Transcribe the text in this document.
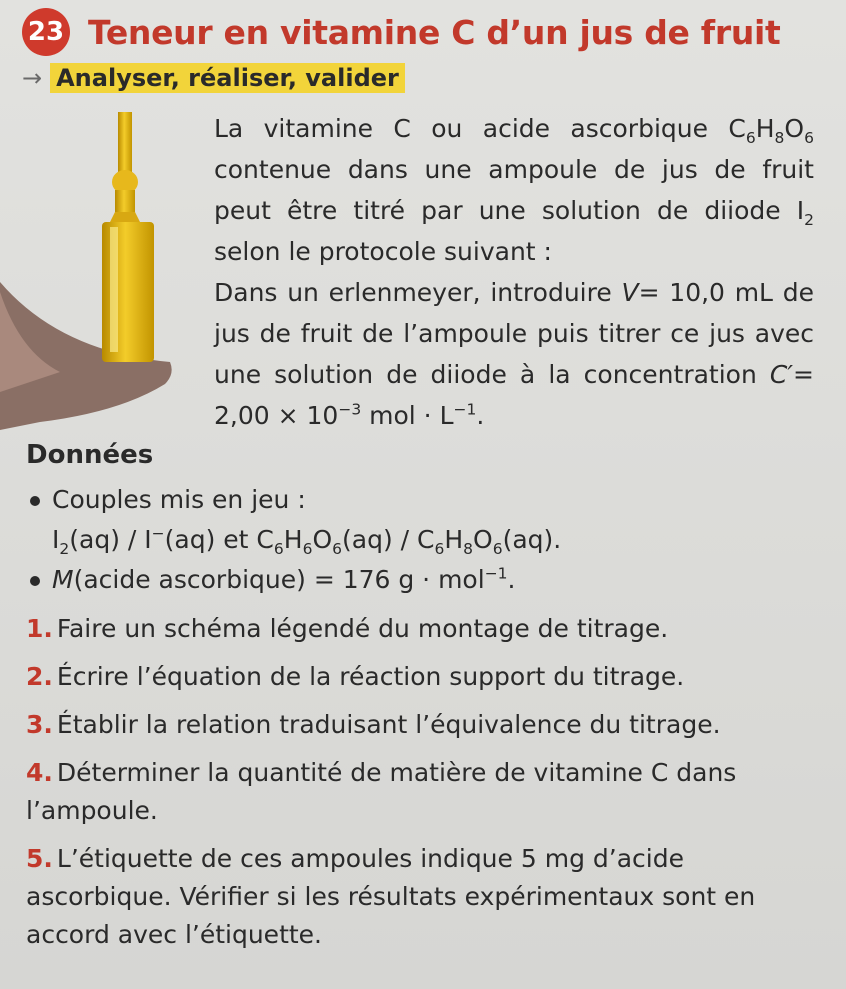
23 Teneur en vitamine C d’un jus de fruit
→ Analyser, réaliser, valider

La vitamine C ou acide ascorbique $C_6H_8O_6$ contenue dans une ampoule de jus de fruit peut être titré par une solution de diiode $I_2$ selon le protocole suivant :

Dans un erlenmeyer, introduire V= 10,0 mL de jus de fruit de l’ampoule puis titrer ce jus avec une solution de diiode à la concentration $C'= 2,00 \times 10^{-3}$ mol · $L^{-1}$.

Données
Couples mis en jeu :
$I_2(aq) / I^-(aq)$ et $C_6H_6O_6(aq) / C_6H_8O_6(aq)$.
M(acide ascorbique) = 176 g · mol$^{-1}$.
1. Faire un schéma légendé du montage de titrage.
2. Écrire l’équation de la réaction support du titrage.
3. Établir la relation traduisant l’équivalence du titrage.
4. Déterminer la quantité de matière de vitamine C dans l’ampoule.
5. L’étiquette de ces ampoules indique 5 mg d’acide ascorbique. Vérifier si les résultats expérimentaux sont en accord avec l’étiquette.
